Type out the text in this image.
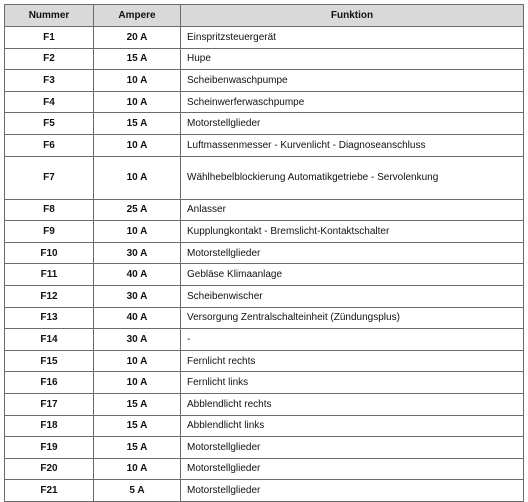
Nummer	Ampere	Funktion
F1	20 A	Einspritzsteuergerät
F2	15 A	Hupe
F3	10 A	Scheibenwaschpumpe
F4	10 A	Scheinwerferwaschpumpe
F5	15 A	Motorstellglieder
F6	10 A	Luftmassenmesser - Kurvenlicht - Diagnoseanschluss
F7	10 A	Wählhebelblockierung Automatikgetriebe - Servolenkung
F8	25 A	Anlasser
F9	10 A	Kupplungkontakt - Bremslicht-Kontaktschalter
F10	30 A	Motorstellglieder
F11	40 A	Gebläse Klimaanlage
F12	30 A	Scheibenwischer
F13	40 A	Versorgung Zentralschalteinheit (Zündungsplus)
F14	30 A	-
F15	10 A	Fernlicht rechts
F16	10 A	Fernlicht links
F17	15 A	Abblendlicht rechts
F18	15 A	Abblendlicht links
F19	15 A	Motorstellglieder
F20	10 A	Motorstellglieder
F21	5 A	Motorstellglieder
